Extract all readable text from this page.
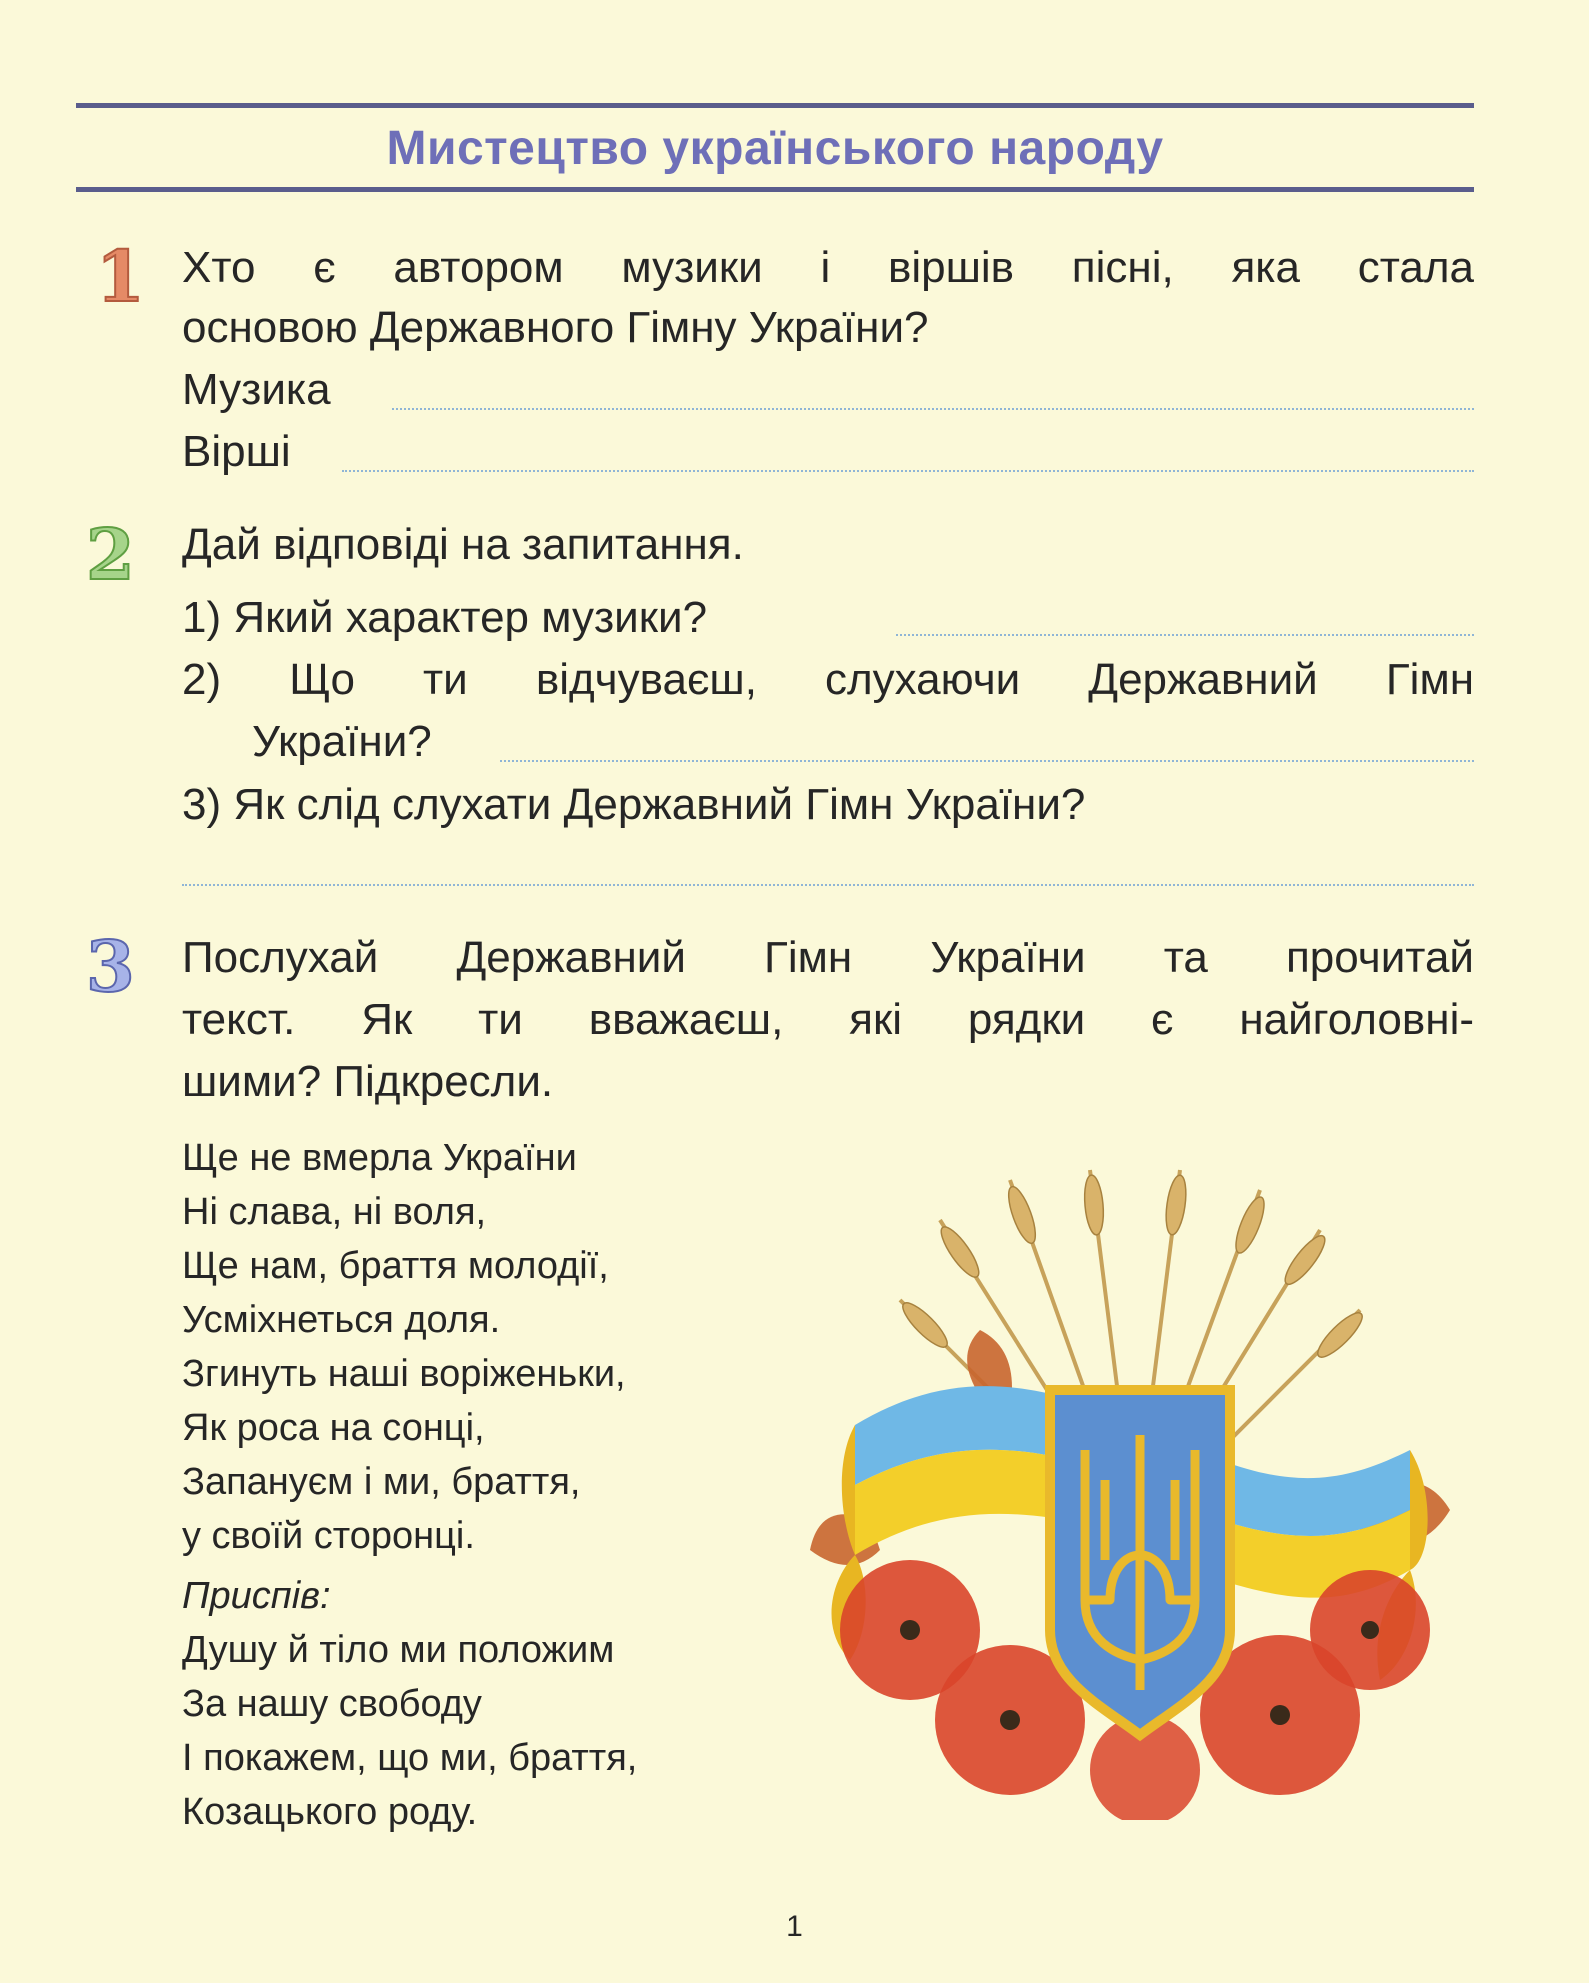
Мистецтво українського народу
1 Хто є автором музики і віршів пісні, яка стала
основою Державного Гімну України?
Музика
Вірші
2 Дай відповіді на запитання.
1) Який характер музики?
2) Що ти відчуваєш, слухаючи Державний Гімн
України?
3) Як слід слухати Державний Гімн України?
3 Послухай Державний Гімн України та прочитай
текст. Як ти вважаєш, які рядки є найголовні-
шими? Підкресли.
Ще не вмерла України
Ні слава, ні воля,
Ще нам, браття молодії,
Усміхнеться доля.
Згинуть наші воріженьки,
Як роса на сонці,
Запануєм і ми, браття,
у своїй сторонці.
Приспів:
Душу й тіло ми положим
За нашу свободу
І покажем, що ми, браття,
Козацького роду.
1
